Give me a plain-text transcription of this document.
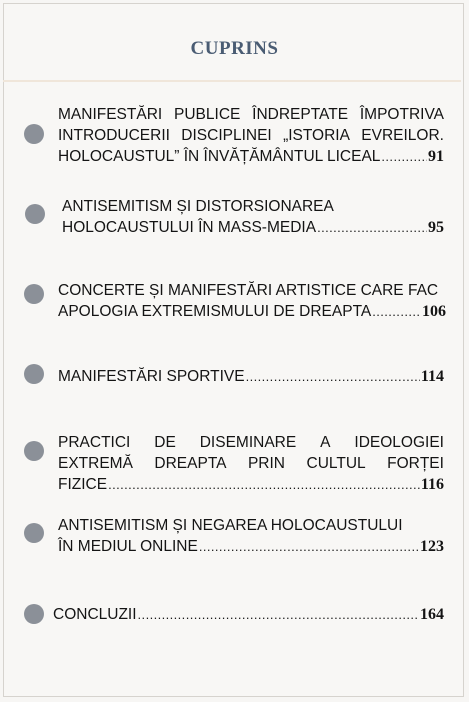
CUPRINS
MANIFESTĂRI PUBLICE ÎNDREPTATE ÎMPOTRIVA
INTRODUCERII DISCIPLINEI „ISTORIA EVREILOR.
HOLOCAUSTUL” ÎN ÎNVĂȚĂMÂNTUL LICEAL .....	91
ANTISEMITISM ȘI DISTORSIONAREA
HOLOCAUSTULUI ÎN MASS-MEDIA .....	95
CONCERTE ȘI MANIFESTĂRI ARTISTICE CARE FAC
APOLOGIA EXTREMISMULUI DE DREAPTA .....	106
MANIFESTĂRI SPORTIVE .....	114
PRACTICI DE DISEMINARE A IDEOLOGIEI
EXTREMĂ DREAPTA PRIN CULTUL FORȚEI
FIZICE .....	116
ANTISEMITISM ȘI NEGAREA HOLOCAUSTULUI
ÎN MEDIUL ONLINE .....	123
CONCLUZII .....	164
